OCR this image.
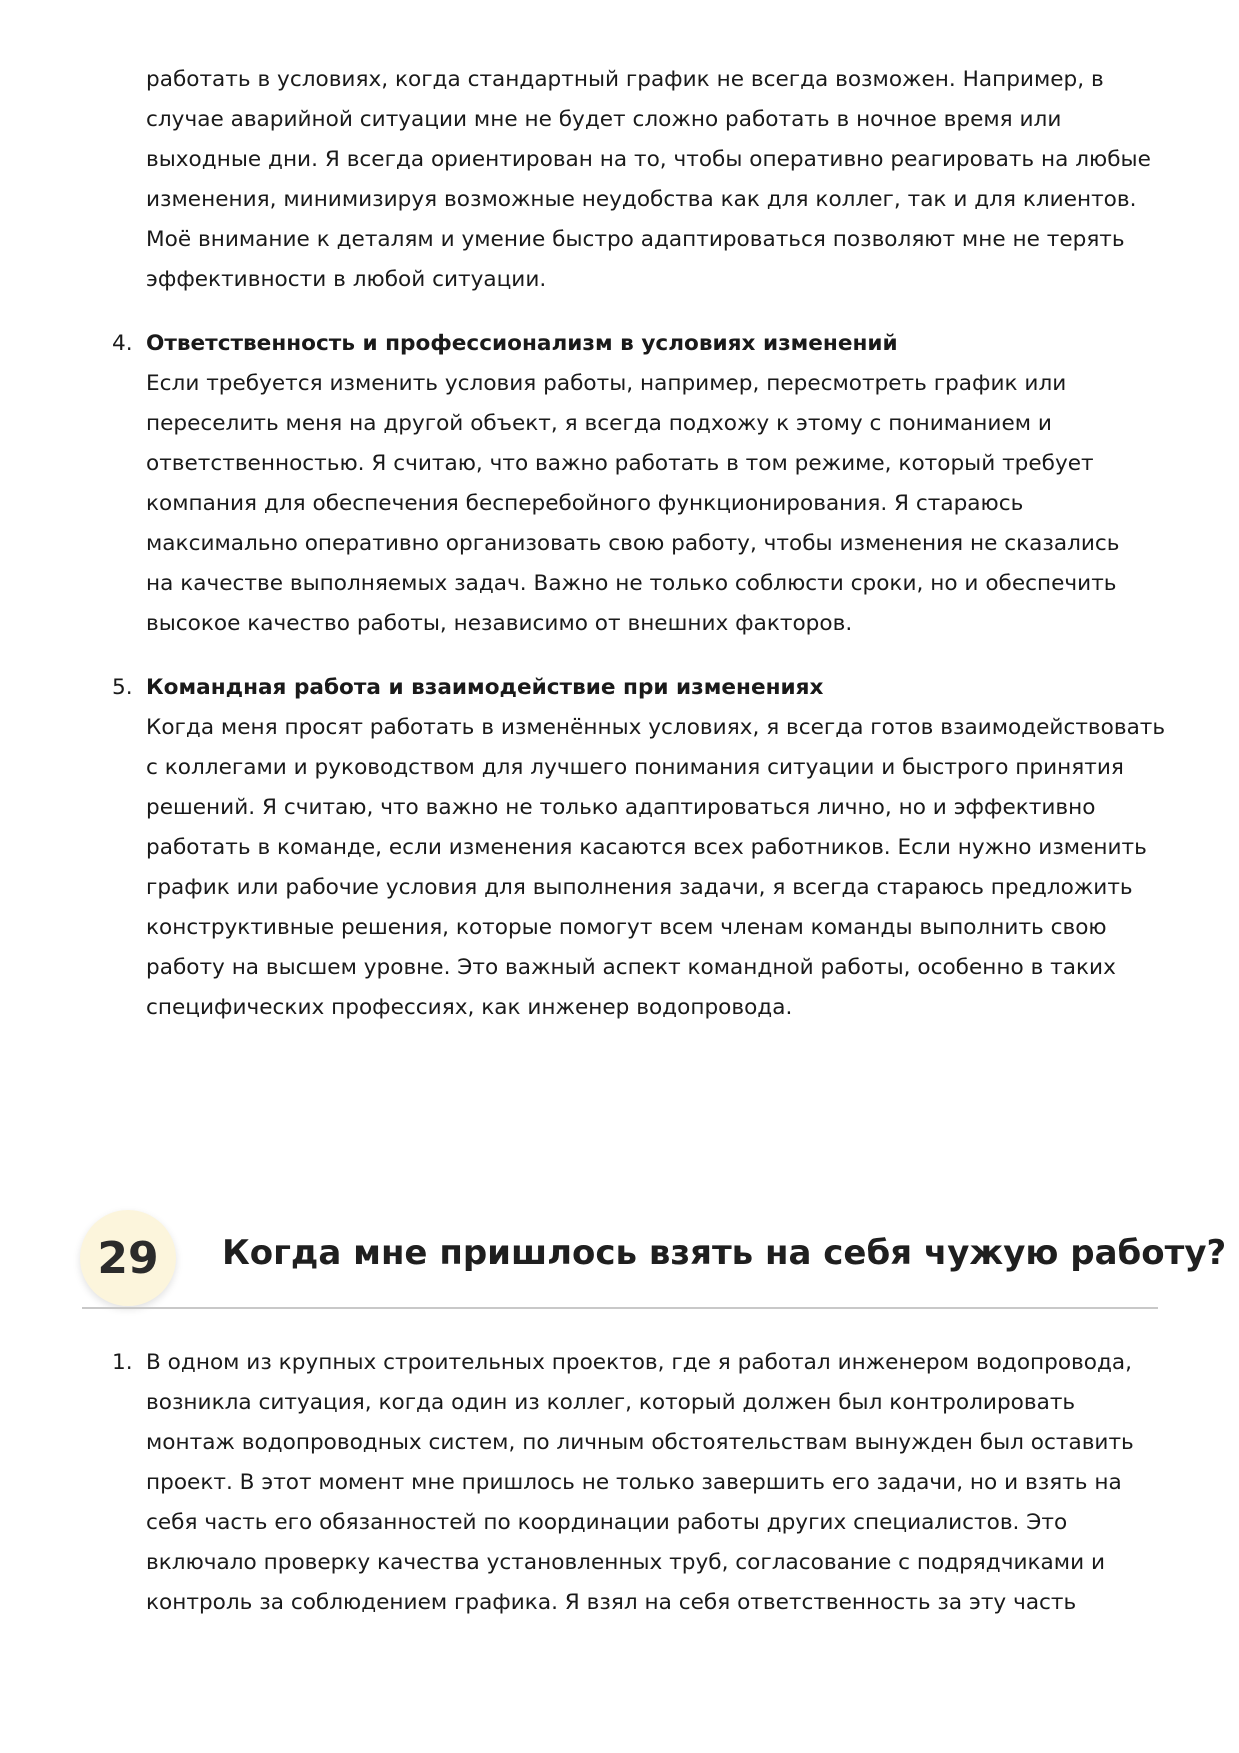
работать в условиях, когда стандартный график не всегда возможен. Например, в
случае аварийной ситуации мне не будет сложно работать в ночное время или
выходные дни. Я всегда ориентирован на то, чтобы оперативно реагировать на любые
изменения, минимизируя возможные неудобства как для коллег, так и для клиентов.
Моё внимание к деталям и умение быстро адаптироваться позволяют мне не терять
эффективности в любой ситуации.
4. Ответственность и профессионализм в условиях изменений
Если требуется изменить условия работы, например, пересмотреть график или
переселить меня на другой объект, я всегда подхожу к этому с пониманием и
ответственностью. Я считаю, что важно работать в том режиме, который требует
компания для обеспечения бесперебойного функционирования. Я стараюсь
максимально оперативно организовать свою работу, чтобы изменения не сказались
на качестве выполняемых задач. Важно не только соблюсти сроки, но и обеспечить
высокое качество работы, независимо от внешних факторов.
5. Командная работа и взаимодействие при изменениях
Когда меня просят работать в изменённых условиях, я всегда готов взаимодействовать
с коллегами и руководством для лучшего понимания ситуации и быстрого принятия
решений. Я считаю, что важно не только адаптироваться лично, но и эффективно
работать в команде, если изменения касаются всех работников. Если нужно изменить
график или рабочие условия для выполнения задачи, я всегда стараюсь предложить
конструктивные решения, которые помогут всем членам команды выполнить свою
работу на высшем уровне. Это важный аспект командной работы, особенно в таких
специфических профессиях, как инженер водопровода.
29 Когда мне пришлось взять на себя чужую работу?
1. В одном из крупных строительных проектов, где я работал инженером водопровода,
возникла ситуация, когда один из коллег, который должен был контролировать
монтаж водопроводных систем, по личным обстоятельствам вынужден был оставить
проект. В этот момент мне пришлось не только завершить его задачи, но и взять на
себя часть его обязанностей по координации работы других специалистов. Это
включало проверку качества установленных труб, согласование с подрядчиками и
контроль за соблюдением графика. Я взял на себя ответственность за эту часть
